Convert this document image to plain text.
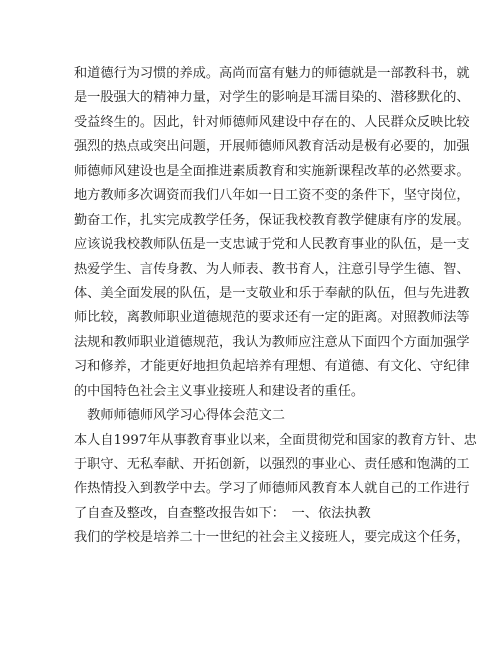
和道德行为习惯的养成。高尚而富有魅力的师德就是一部教科书，就
是一股强大的精神力量，对学生的影响是耳濡目染的、潜移默化的、
受益终生的。因此，针对师德师风建设中存在的、人民群众反映比较
强烈的热点或突出问题，开展师德师风教育活动是极有必要的，加强
师德师风建设也是全面推进素质教育和实施新课程改革的必然要求。
地方教师多次调资而我们八年如一日工资不变的条件下，坚守岗位，
勤奋工作，扎实完成教学任务，保证我校教育教学健康有序的发展。
应该说我校教师队伍是一支忠诚于党和人民教育事业的队伍，是一支
热爱学生、言传身教、为人师表、教书育人，注意引导学生德、智、
体、美全面发展的队伍，是一支敬业和乐于奉献的队伍，但与先进教
师比较，离教师职业道德规范的要求还有一定的距离。对照教师法等
法规和教师职业道德规范，我认为教师应注意从下面四个方面加强学
习和修养，才能更好地担负起培养有理想、有道德、有文化、守纪律
的中国特色社会主义事业接班人和建设者的重任。
　教师师德师风学习心得体会范文二
本人自1997年从事教育事业以来，全面贯彻党和国家的教育方针、忠
于职守、无私奉献、开拓创新，以强烈的事业心、责任感和饱满的工
作热情投入到教学中去。学习了师德师风教育本人就自己的工作进行
了自查及整改，自查整改报告如下：　一、依法执教
我们的学校是培养二十一世纪的社会主义接班人，要完成这个任务，
